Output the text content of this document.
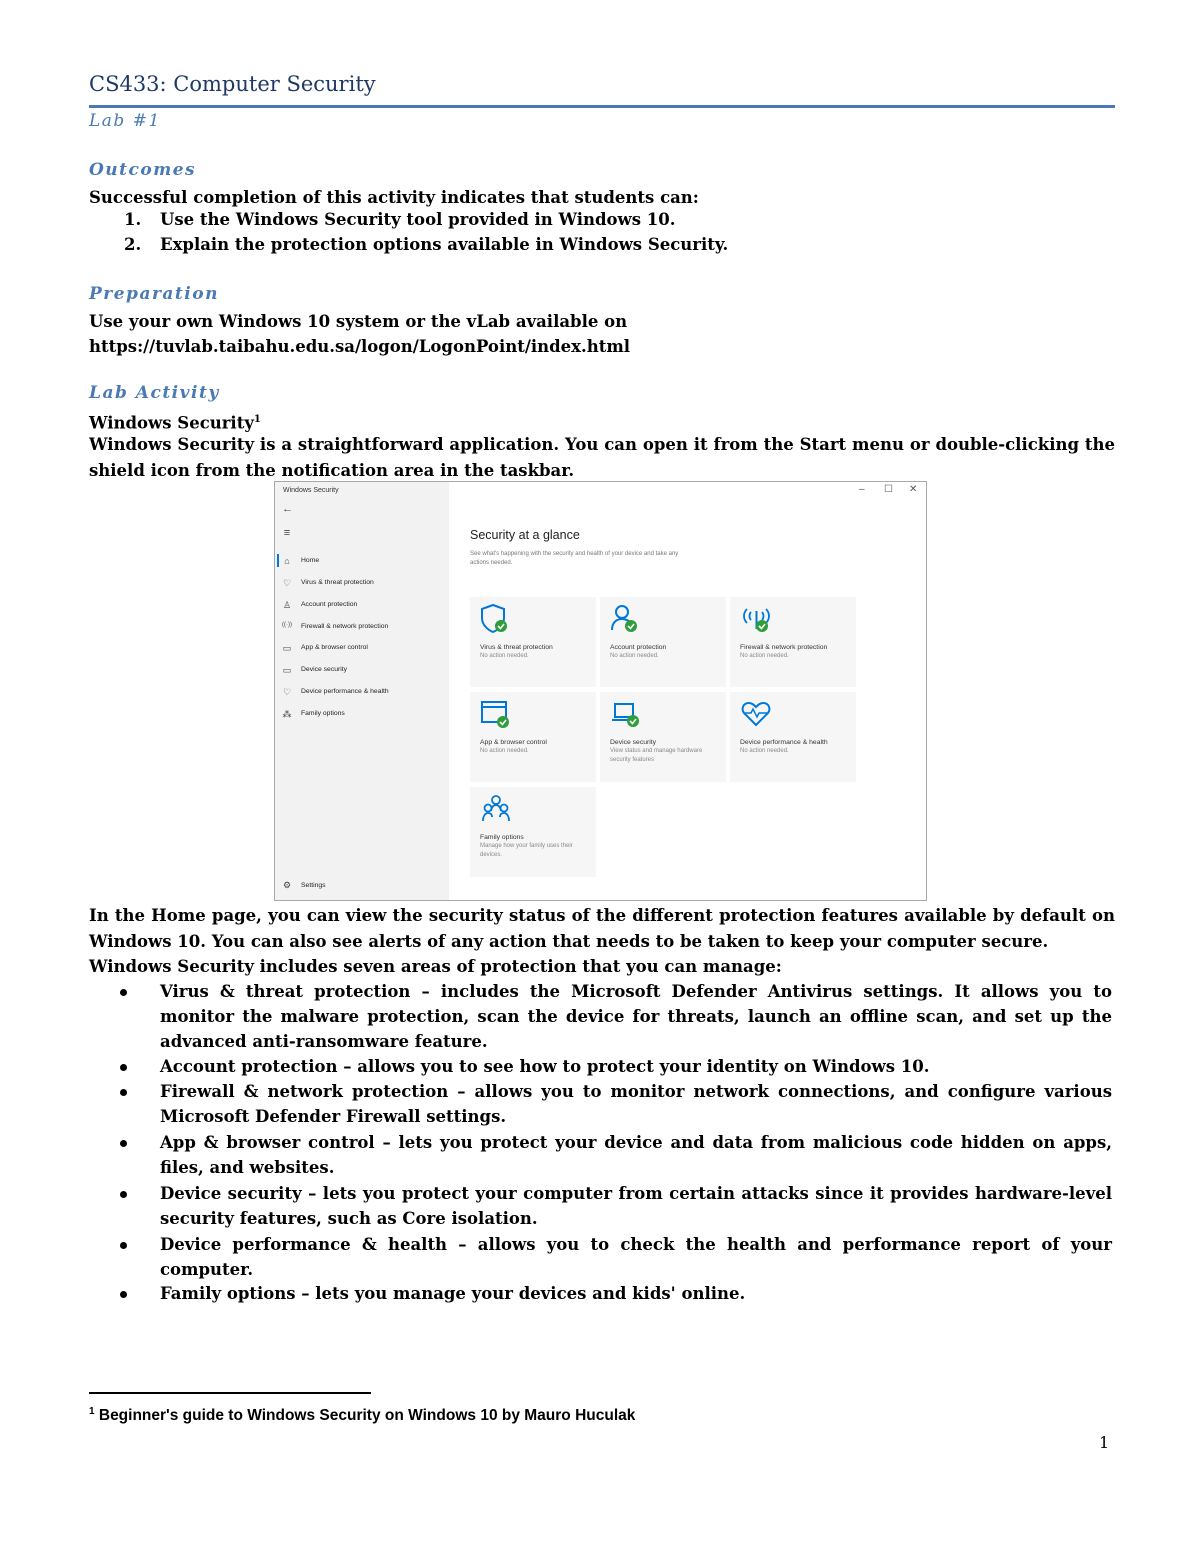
CS433: Computer Security
Lab #1
Outcomes
Successful completion of this activity indicates that students can:
1. Use the Windows Security tool provided in Windows 10.
2. Explain the protection options available in Windows Security.
Preparation
Use your own Windows 10 system or the vLab available on
https://tuvlab.taibahu.edu.sa/logon/LogonPoint/index.html
Lab Activity
Windows Security$^1$
Windows Security is a straightforward application. You can open it from the Start menu or double-clicking the shield icon from the notification area in the taskbar.
Windows Security	– ☐ ✕
←
≡
⌂	Home
♡ Virus & threat protection
♙ Account protection
((·)) Firewall & network protection
▭ App & browser control
▭ Device security
♡ Device performance & health
⁂ Family options
⚙ Settings
Security at a glance
See what's happening with the security and health of your device and take any actions needed.
Virus & threat protection
No action needed.
Account protection
No action needed.
Firewall & network protection
No action needed.
App & browser control
No action needed.
Device security
View status and manage hardware security features
Device performance & health
No action needed.
Family options
Manage how your family uses their devices.
In the Home page, you can view the security status of the different protection features available by default on Windows 10. You can also see alerts of any action that needs to be taken to keep your computer secure.
Windows Security includes seven areas of protection that you can manage:
Virus & threat protection – includes the Microsoft Defender Antivirus settings. It allows you to monitor the malware protection, scan the device for threats, launch an offline scan, and set up the advanced anti-ransomware feature.
Account protection – allows you to see how to protect your identity on Windows 10.
Firewall & network protection – allows you to monitor network connections, and configure various Microsoft Defender Firewall settings.
App & browser control – lets you protect your device and data from malicious code hidden on apps, files, and websites.
Device security – lets you protect your computer from certain attacks since it provides hardware-level security features, such as Core isolation.
Device performance & health – allows you to check the health and performance report of your computer.
Family options – lets you manage your devices and kids' online.
$^1$ Beginner's guide to Windows Security on Windows 10 by Mauro Huculak
1
